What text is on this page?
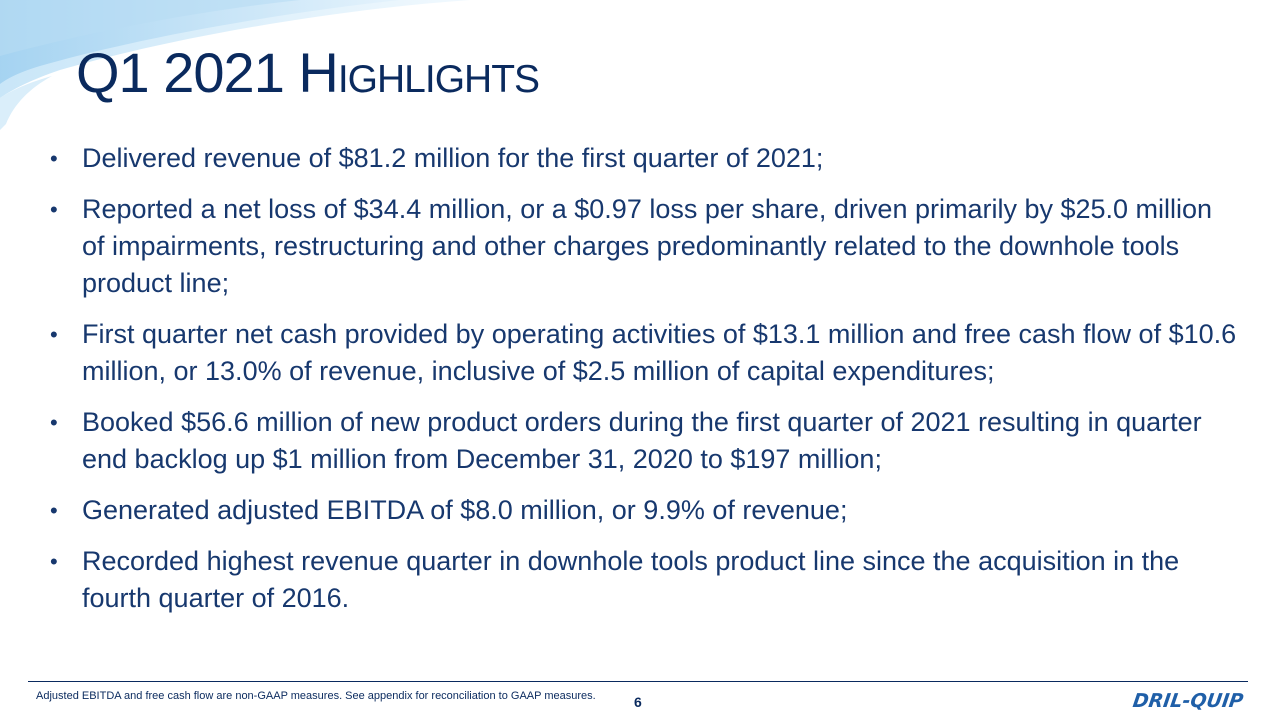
Q1 2021 Highlights
• Delivered revenue of $81.2 million for the first quarter of 2021;
• Reported a net loss of $34.4 million, or a $0.97 loss per share, driven primarily by $25.0 million of impairments, restructuring and other charges predominantly related to the downhole tools product line;
• First quarter net cash provided by operating activities of $13.1 million and free cash flow of $10.6 million, or 13.0% of revenue, inclusive of $2.5 million of capital expenditures;
• Booked $56.6 million of new product orders during the first quarter of 2021 resulting in quarter end backlog up $1 million from December 31, 2020 to $197 million;
• Generated adjusted EBITDA of $8.0 million, or 9.9% of revenue;
• Recorded highest revenue quarter in downhole tools product line since the acquisition in the fourth quarter of 2016.
Adjusted EBITDA and free cash flow are non-GAAP measures. See appendix for reconciliation to GAAP measures.	6	DRIL-QUIP
